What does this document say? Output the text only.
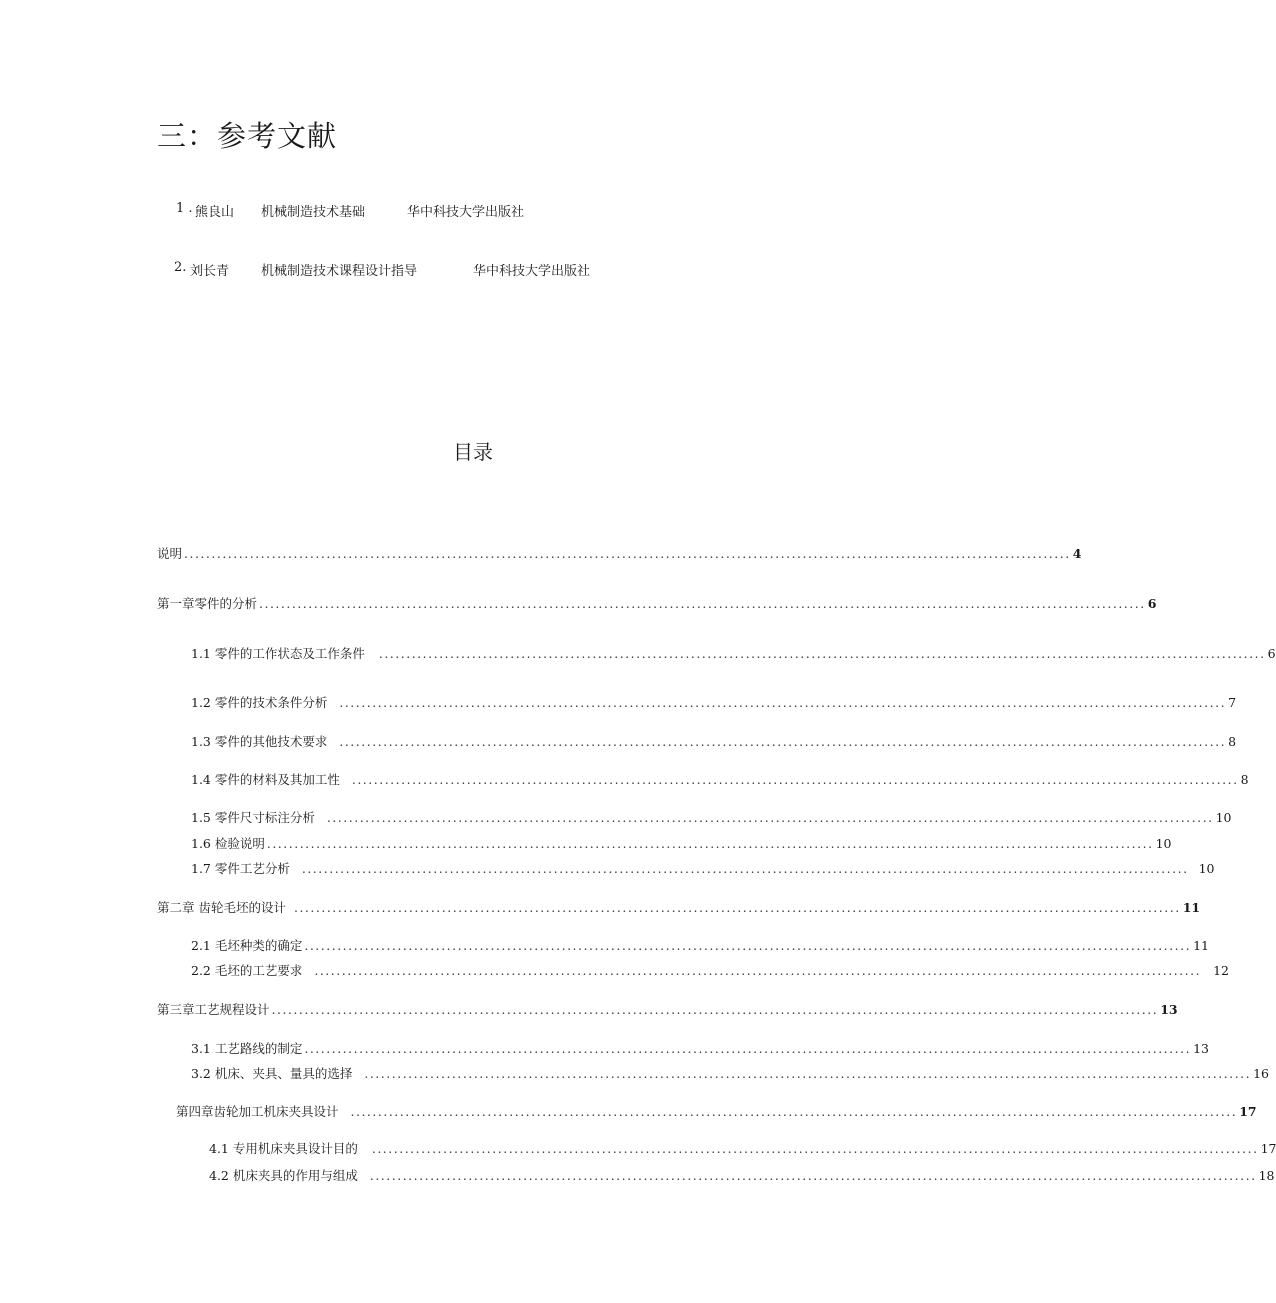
三：参考文献
1 . 熊良山 机械制造技术基础	华中科技大学出版社
2. 刘长青 机械制造技术课程设计指导	华中科技大学出版社
目录
说明 .................................................................................................................................................................. 4
第一章零件的分析 .................................................................................................................................................................. 6
1.1 零件的工作状态及工作条件 .................................................................................................................................................................. 6
1.2 零件的技术条件分析 .................................................................................................................................................................. 7
1.3 零件的其他技术要求 .................................................................................................................................................................. 8
1.4 零件的材料及其加工性 .................................................................................................................................................................. 8
1.5 零件尺寸标注分析 .................................................................................................................................................................. 10
1.6 检验说明 .................................................................................................................................................................. 10
1.7 零件工艺分析 .................................................................................................................................................................. 10
第二章 齿轮毛坯的设计 .................................................................................................................................................................. 11
2.1 毛坯种类的确定 .................................................................................................................................................................. 11
2.2 毛坯的工艺要求 .................................................................................................................................................................. 12
第三章工艺规程设计 .................................................................................................................................................................. 13
3.1 工艺路线的制定 .................................................................................................................................................................. 13
3.2 机床、夹具、量具的选择 .................................................................................................................................................................. 16
第四章齿轮加工机床夹具设计 .................................................................................................................................................................. 17
4.1 专用机床夹具设计目的 .................................................................................................................................................................. 17
4.2 机床夹具的作用与组成 .................................................................................................................................................................. 18
